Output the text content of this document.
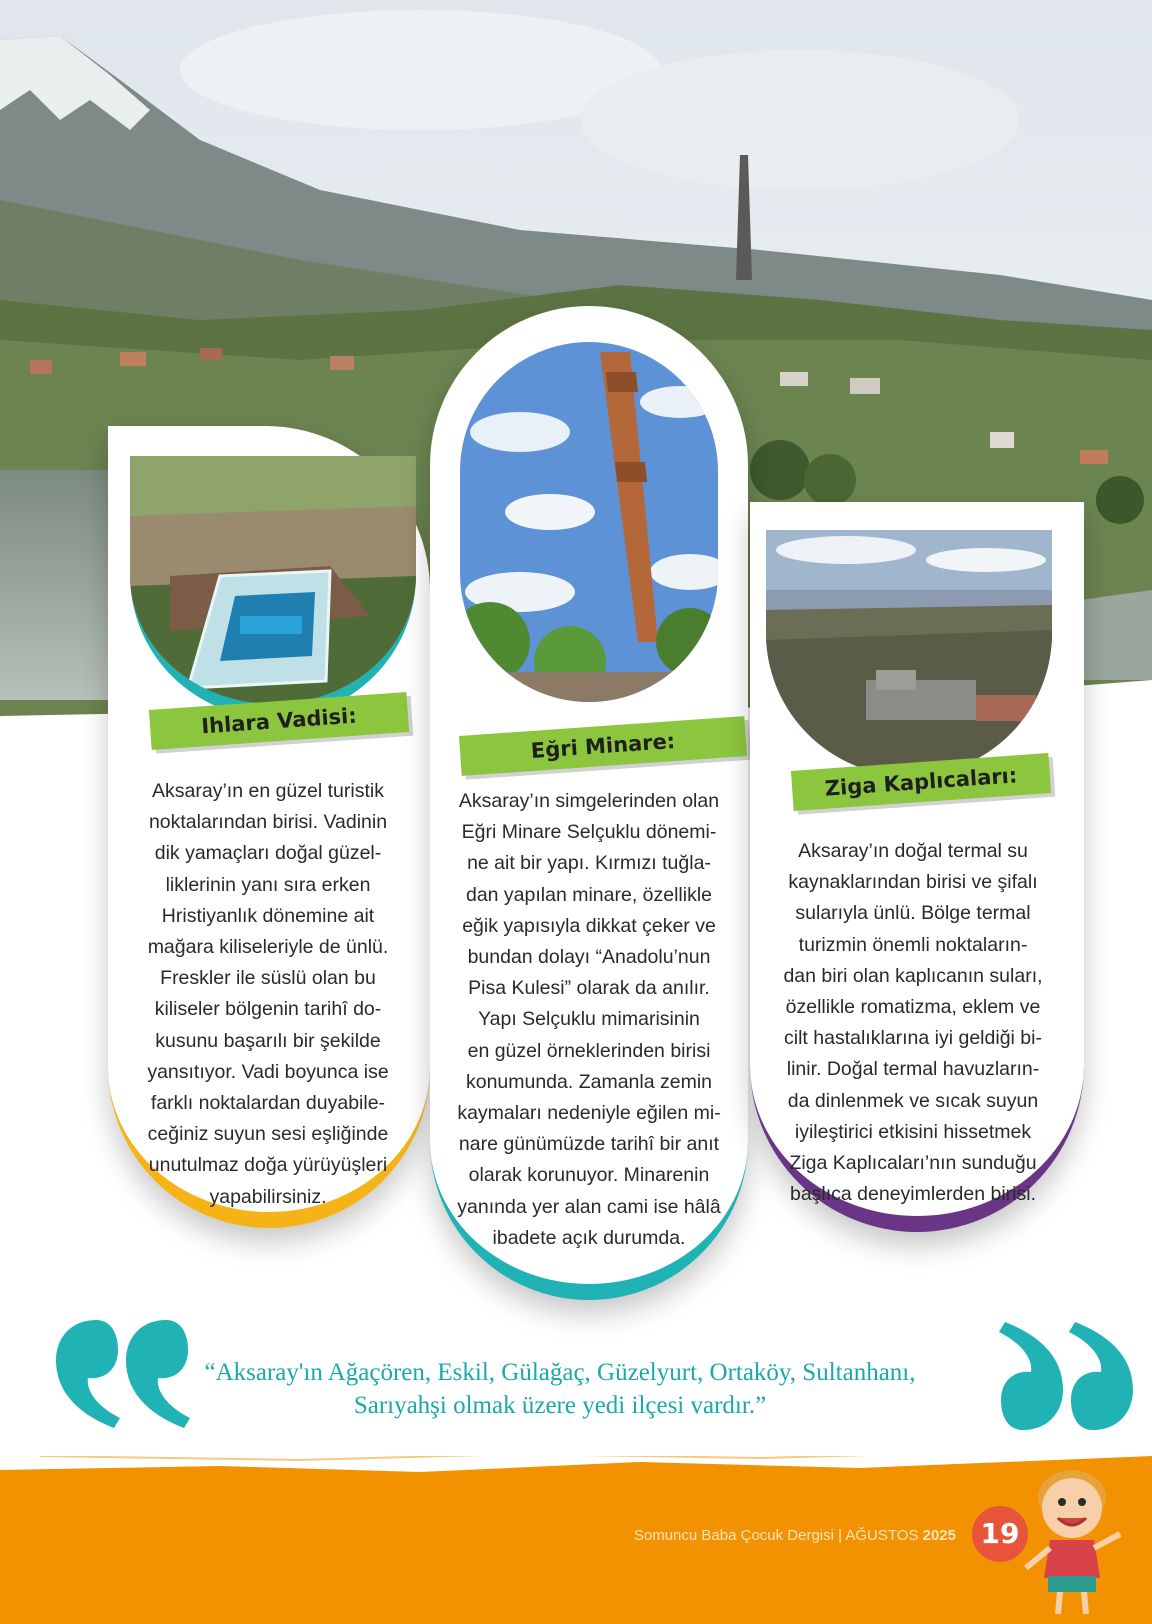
Ihlara Vadisi:
Aksaray’ın en güzel turistik
noktalarından birisi. Vadinin
dik yamaçları doğal güzel-
liklerinin yanı sıra erken
Hristiyanlık dönemine ait
mağara kiliseleriyle de ünlü.
Freskler ile süslü olan bu
kiliseler bölgenin tarihî do-
kusunu başarılı bir şekilde
yansıtıyor. Vadi boyunca ise
farklı noktalardan duyabile-
ceğiniz suyun sesi eşliğinde
unutulmaz doğa yürüyüşleri
yapabilirsiniz.
Eğri Minare:
Aksaray’ın simgelerinden olan
Eğri Minare Selçuklu dönemi-
ne ait bir yapı. Kırmızı tuğla-
dan yapılan minare, özellikle
eğik yapısıyla dikkat çeker ve
bundan dolayı “Anadolu’nun
Pisa Kulesi” olarak da anılır.
Yapı Selçuklu mimarisinin
en güzel örneklerinden birisi
konumunda. Zamanla zemin
kaymaları nedeniyle eğilen mi-
nare günümüzde tarihî bir anıt
olarak korunuyor. Minarenin
yanında yer alan cami ise hâlâ
ibadete açık durumda.
Ziga Kaplıcaları:
Aksaray’ın doğal termal su
kaynaklarından birisi ve şifalı
sularıyla ünlü. Bölge termal
turizmin önemli noktaların-
dan biri olan kaplıcanın suları,
özellikle romatizma, eklem ve
cilt hastalıklarına iyi geldiği bi-
linir. Doğal termal havuzların-
da dinlenmek ve sıcak suyun
iyileştirici etkisini hissetmek
Ziga Kaplıcaları’nın sunduğu
başlıca deneyimlerden birisi.
“Aksaray'ın Ağaçören, Eskil, Gülağaç, Güzelyurt, Ortaköy, Sultanhanı,
Sarıyahşi olmak üzere yedi ilçesi vardır.”
Somuncu Baba Çocuk Dergisi | AĞUSTOS 2025 19
